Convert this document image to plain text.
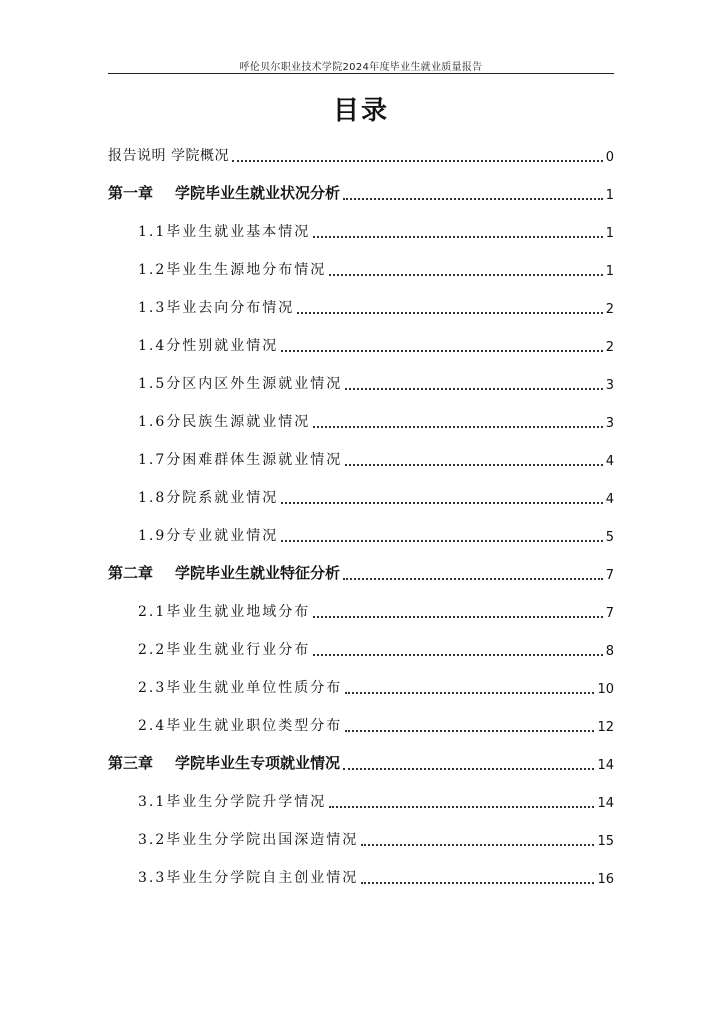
呼伦贝尔职业技术学院2024年度毕业生就业质量报告
目录
报告说明 学院概况	0
第一章 学院毕业生就业状况分析	1
1.1毕业生就业基本情况	1
1.2毕业生生源地分布情况	1
1.3毕业去向分布情况	2
1.4分性别就业情况	2
1.5分区内区外生源就业情况	3
1.6分民族生源就业情况	3
1.7分困难群体生源就业情况	4
1.8分院系就业情况	4
1.9分专业就业情况	5
第二章 学院毕业生就业特征分析	7
2.1毕业生就业地域分布	7
2.2毕业生就业行业分布	8
2.3毕业生就业单位性质分布	10
2.4毕业生就业职位类型分布	12
第三章 学院毕业生专项就业情况	14
3.1毕业生分学院升学情况	14
3.2毕业生分学院出国深造情况	15
3.3毕业生分学院自主创业情况	16
